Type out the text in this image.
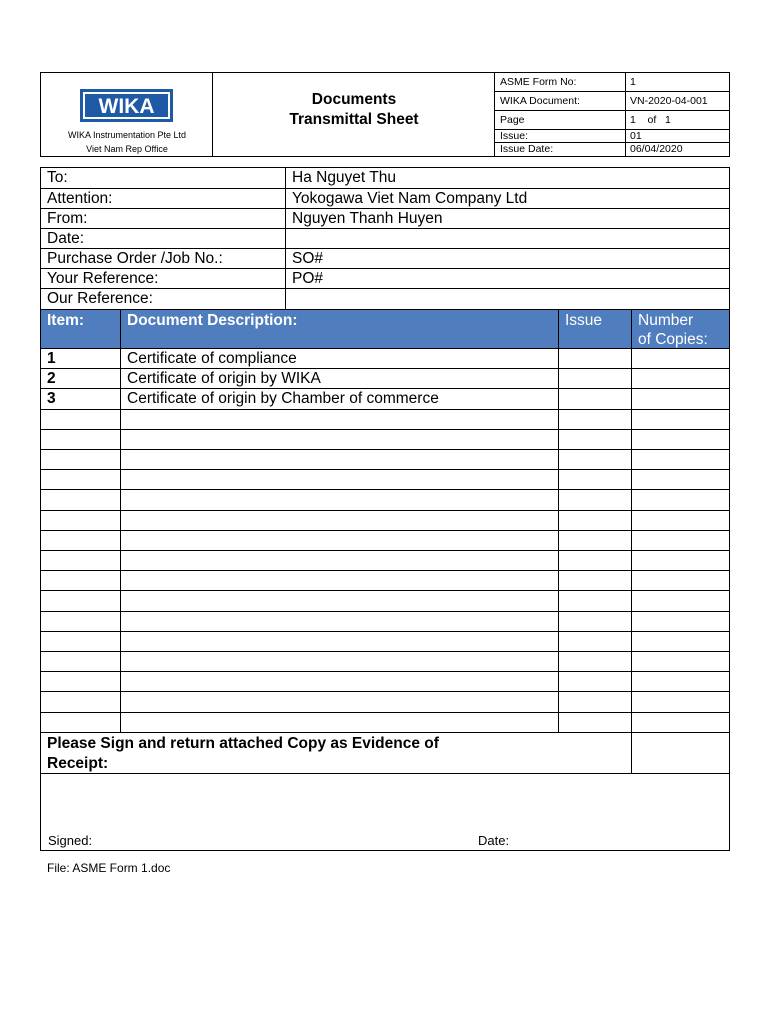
WIKA
WIKA Instrumentation Pte Ltd
Viet Nam Rep Office
Documents
Transmittal Sheet
ASME Form No:	1
WIKA Document:	VN-2020-04-001
Page	1    of   1
Issue:	01
Issue Date:	06/04/2020
To:	Ha Nguyet Thu
Attention:	Yokogawa Viet Nam Company Ltd
From:	Nguyen Thanh Huyen
Date:
Purchase Order /Job No.:	SO#
Your Reference:	PO#
Our Reference:
Item:	Document Description:	Issue	Number
of Copies:
1	Certificate of compliance
2	Certificate of origin by WIKA
3	Certificate of origin by Chamber of commerce
Please Sign and return attached Copy as Evidence of
Receipt:
Signed:	Date:
File: ASME Form 1.doc
